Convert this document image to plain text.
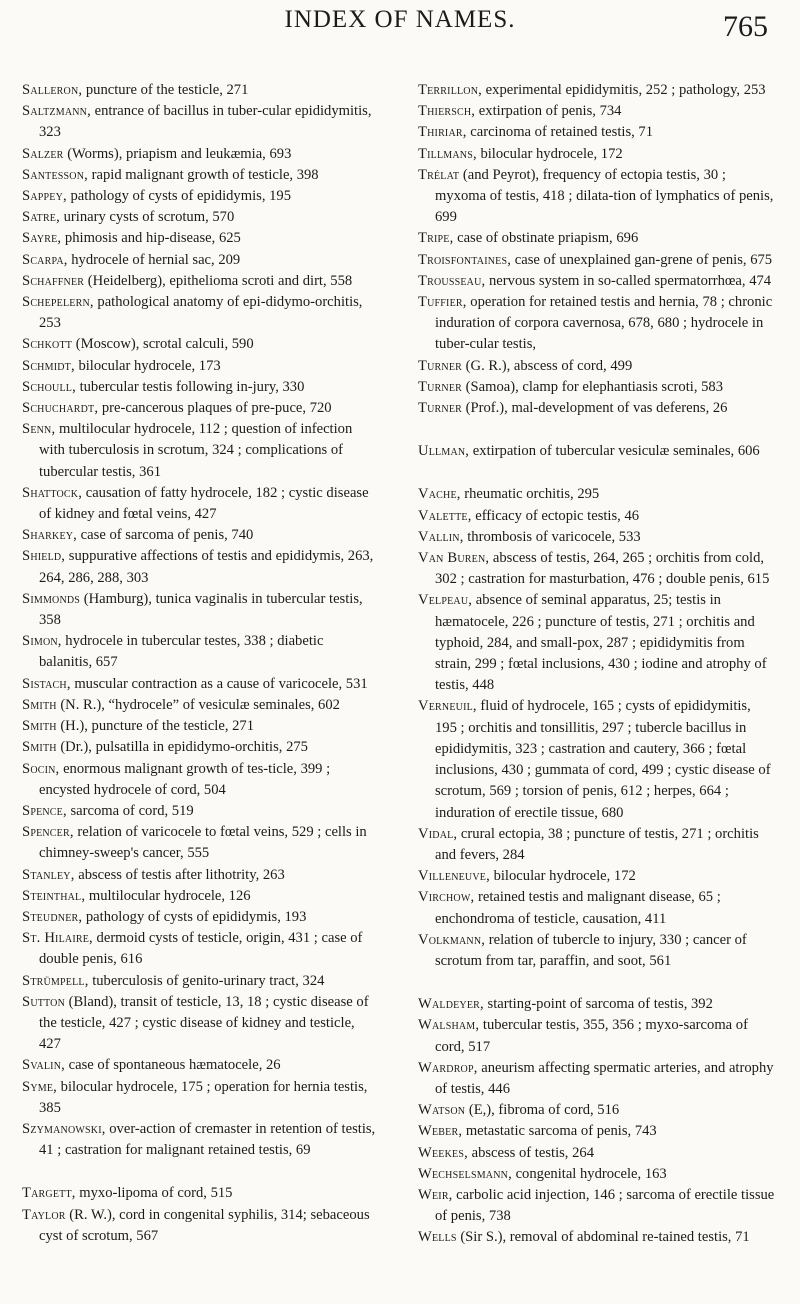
INDEX OF NAMES.	765

Salleron, puncture of the testicle, 271

Saltzmann, entrance of bacillus in tuber-cular epididymitis, 323

Salzer (Worms), priapism and leukæmia, 693

Santesson, rapid malignant growth of testicle, 398

Sappey, pathology of cysts of epididymis, 195

Satre, urinary cysts of scrotum, 570

Sayre, phimosis and hip-disease, 625

Scarpa, hydrocele of hernial sac, 209

Schaffner (Heidelberg), epithelioma scroti and dirt, 558

Schepelern, pathological anatomy of epi-didymo-orchitis, 253

Schkott (Moscow), scrotal calculi, 590

Schmidt, bilocular hydrocele, 173

Schoull, tubercular testis following in-jury, 330

Schuchardt, pre-cancerous plaques of pre-puce, 720

Senn, multilocular hydrocele, 112 ; question of infection with tuberculosis in scrotum, 324 ; complications of tubercular testis, 361

Shattock, causation of fatty hydrocele, 182 ; cystic disease of kidney and fœtal veins, 427

Sharkey, case of sarcoma of penis, 740

Shield, suppurative affections of testis and epididymis, 263, 264, 286, 288, 303

Simmonds (Hamburg), tunica vaginalis in tubercular testis, 358

Simon, hydrocele in tubercular testes, 338 ; diabetic balanitis, 657

Sistach, muscular contraction as a cause of varicocele, 531

Smith (N. R.), “hydrocele” of vesiculæ seminales, 602

Smith (H.), puncture of the testicle, 271

Smith (Dr.), pulsatilla in epididymo-orchitis, 275

Socin, enormous malignant growth of tes-ticle, 399 ; encysted hydrocele of cord, 504

Spence, sarcoma of cord, 519

Spencer, relation of varicocele to fœtal veins, 529 ; cells in chimney-sweep's cancer, 555

Stanley, abscess of testis after lithotrity, 263

Steinthal, multilocular hydrocele, 126

Steudner, pathology of cysts of epididymis, 193

St. Hilaire, dermoid cysts of testicle, origin, 431 ; case of double penis, 616

Strümpell, tuberculosis of genito-urinary tract, 324

Sutton (Bland), transit of testicle, 13, 18 ; cystic disease of the testicle, 427 ; cystic disease of kidney and testicle, 427

Svalin, case of spontaneous hæmatocele, 26

Syme, bilocular hydrocele, 175 ; operation for hernia testis, 385

Szymanowski, over-action of cremaster in retention of testis, 41 ; castration for malignant retained testis, 69

Targett, myxo-lipoma of cord, 515

Taylor (R. W.), cord in congenital syphilis, 314; sebaceous cyst of scrotum, 567

Terrillon, experimental epididymitis, 252 ; pathology, 253

Thiersch, extirpation of penis, 734

Thiriar, carcinoma of retained testis, 71

Tillmans, bilocular hydrocele, 172

Trélat (and Peyrot), frequency of ectopia testis, 30 ; myxoma of testis, 418 ; dilata-tion of lymphatics of penis, 699

Tripe, case of obstinate priapism, 696

Troisfontaines, case of unexplained gan-grene of penis, 675

Trousseau, nervous system in so-called spermatorrhœa, 474

Tuffier, operation for retained testis and hernia, 78 ; chronic induration of corpora cavernosa, 678, 680 ; hydrocele in tuber-cular testis,

Turner (G. R.), abscess of cord, 499

Turner (Samoa), clamp for elephantiasis scroti, 583

Turner (Prof.), mal-development of vas deferens, 26

Ullman, extirpation of tubercular vesiculæ seminales, 606

Vache, rheumatic orchitis, 295

Valette, efficacy of ectopic testis, 46

Vallin, thrombosis of varicocele, 533

Van Buren, abscess of testis, 264, 265 ; orchitis from cold, 302 ; castration for masturbation, 476 ; double penis, 615

Velpeau, absence of seminal apparatus, 25; testis in hæmatocele, 226 ; puncture of testis, 271 ; orchitis and typhoid, 284, and small-pox, 287 ; epididymitis from strain, 299 ; fœtal inclusions, 430 ; iodine and atrophy of testis, 448

Verneuil, fluid of hydrocele, 165 ; cysts of epididymitis, 195 ; orchitis and tonsillitis, 297 ; tubercle bacillus in epididymitis, 323 ; castration and cautery, 366 ; fœtal inclusions, 430 ; gummata of cord, 499 ; cystic disease of scrotum, 569 ; torsion of penis, 612 ; herpes, 664 ; induration of erectile tissue, 680

Vidal, crural ectopia, 38 ; puncture of testis, 271 ; orchitis and fevers, 284

Villeneuve, bilocular hydrocele, 172

Virchow, retained testis and malignant disease, 65 ; enchondroma of testicle, causation, 411

Volkmann, relation of tubercle to injury, 330 ; cancer of scrotum from tar, paraffin, and soot, 561

Waldeyer, starting-point of sarcoma of testis, 392

Walsham, tubercular testis, 355, 356 ; myxo-sarcoma of cord, 517

Wardrop, aneurism affecting spermatic arteries, and atrophy of testis, 446

Watson (E,), fibroma of cord, 516

Weber, metastatic sarcoma of penis, 743

Weekes, abscess of testis, 264

Wechselsmann, congenital hydrocele, 163

Weir, carbolic acid injection, 146 ; sarcoma of erectile tissue of penis, 738

Wells (Sir S.), removal of abdominal re-tained testis, 71
